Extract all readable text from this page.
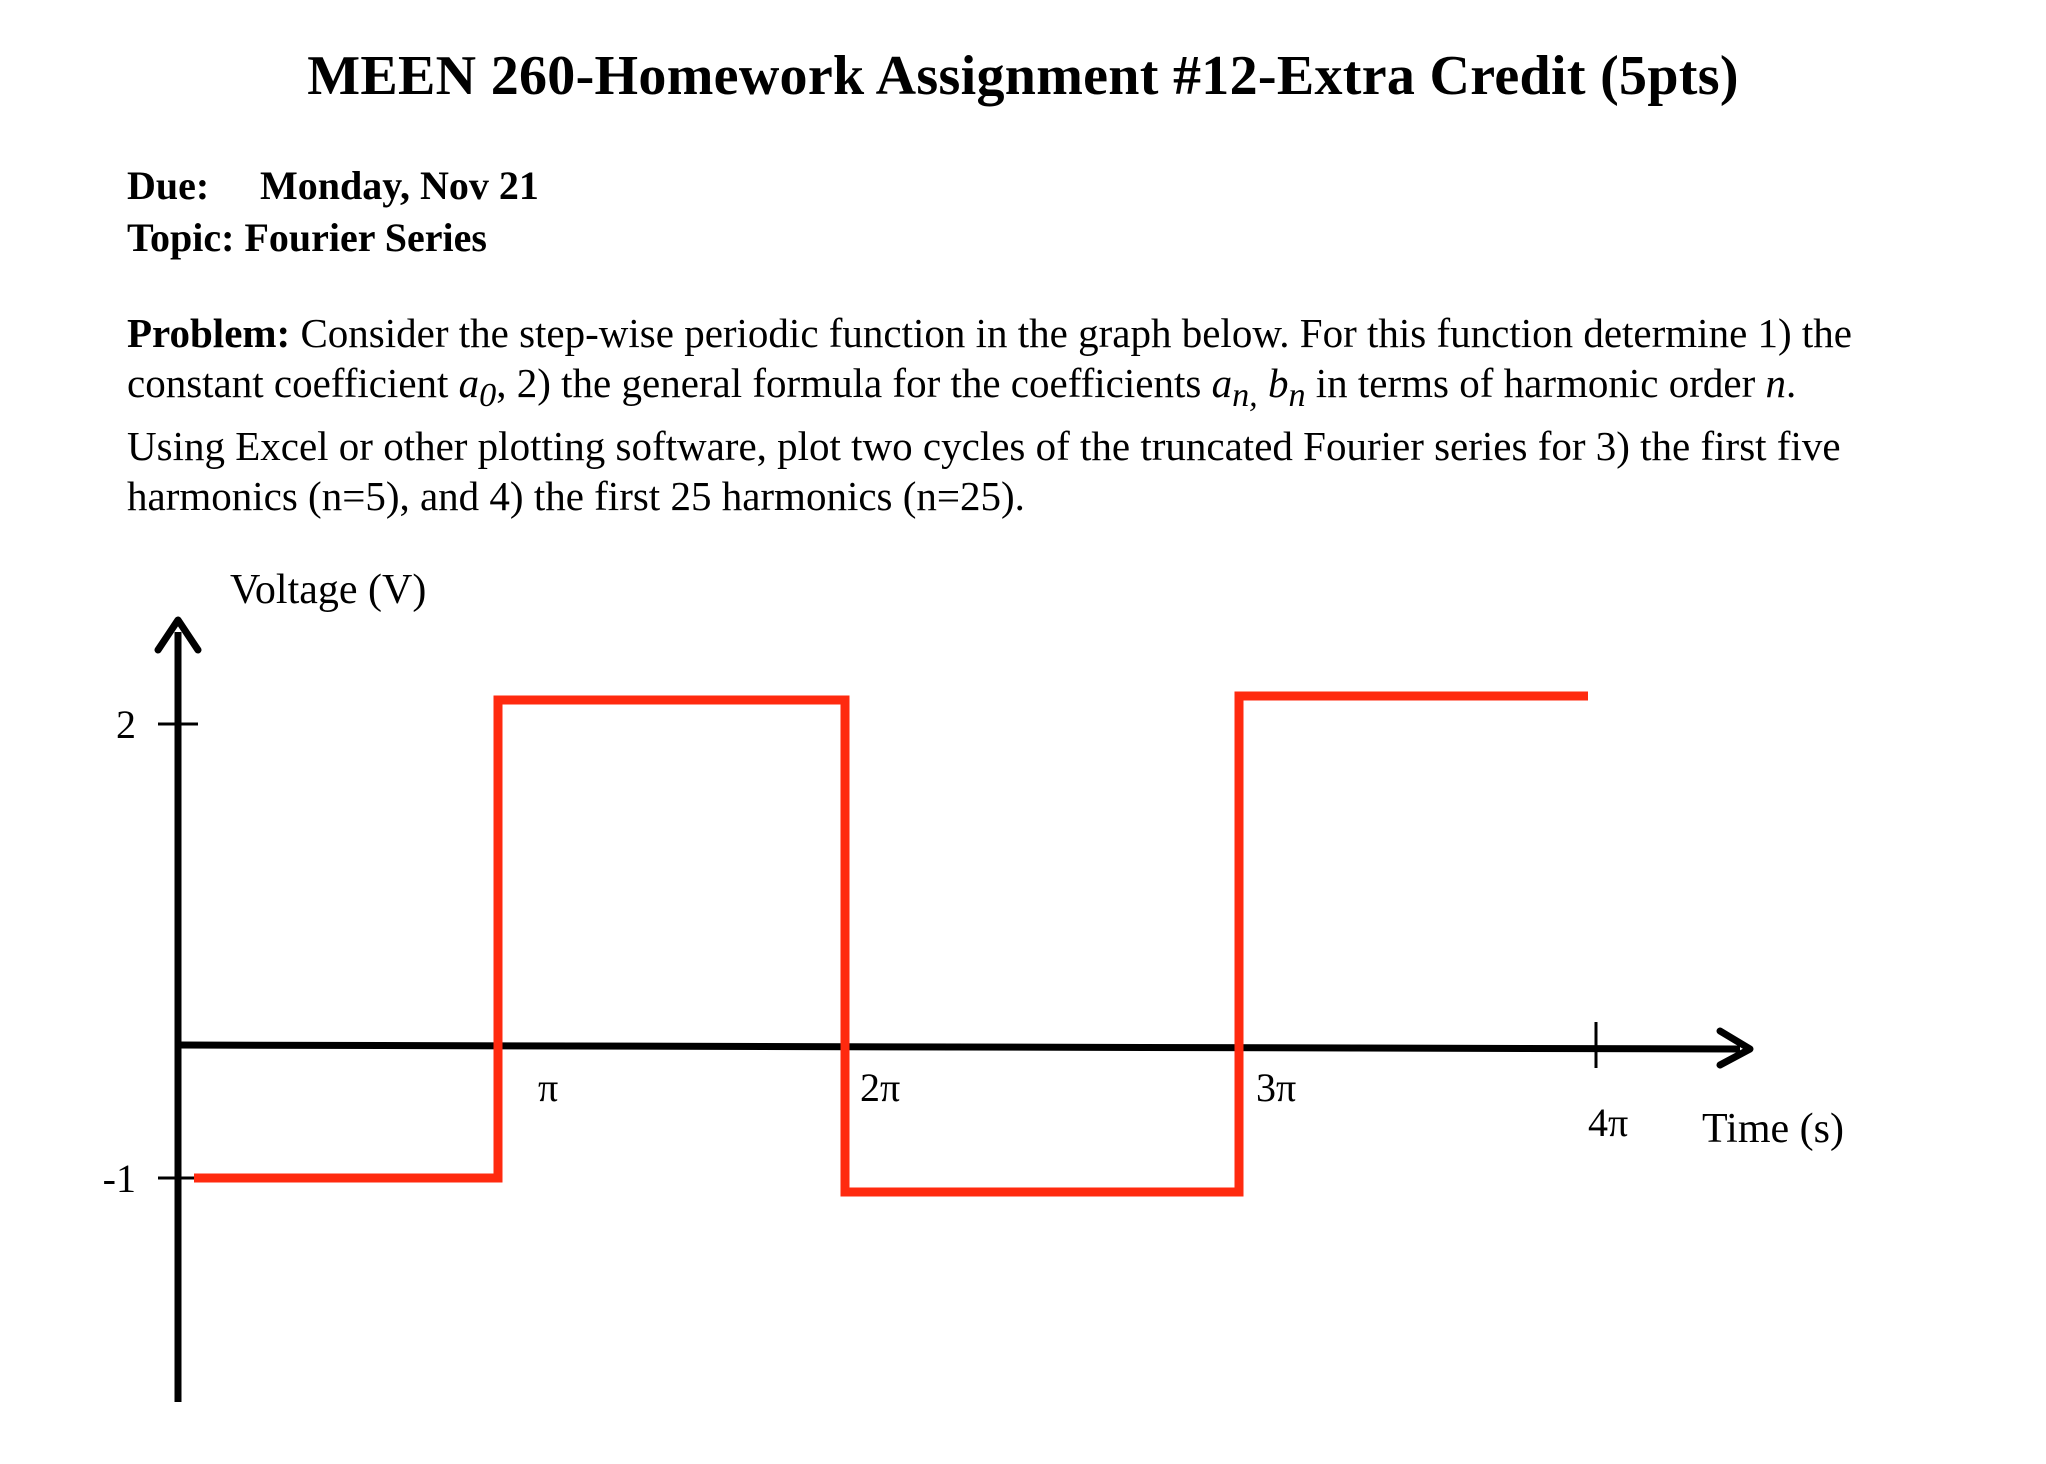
MEEN 260-Homework Assignment #12-Extra Credit (5pts)
Due: Monday, Nov 21
Topic: Fourier Series
Problem: Consider the step-wise periodic function in the graph below. For this function determine 1) the
constant coefficient $a_0$, 2) the general formula for the coefficients $a_{n,}$ $b_n$ in terms of harmonic order n.
Using Excel or other plotting software, plot two cycles of the truncated Fourier series for 3) the first five
harmonics (n=5), and 4) the first 25 harmonics (n=25).
2
-1
π	2π	3π
4π
Voltage (V)
Time (s)
